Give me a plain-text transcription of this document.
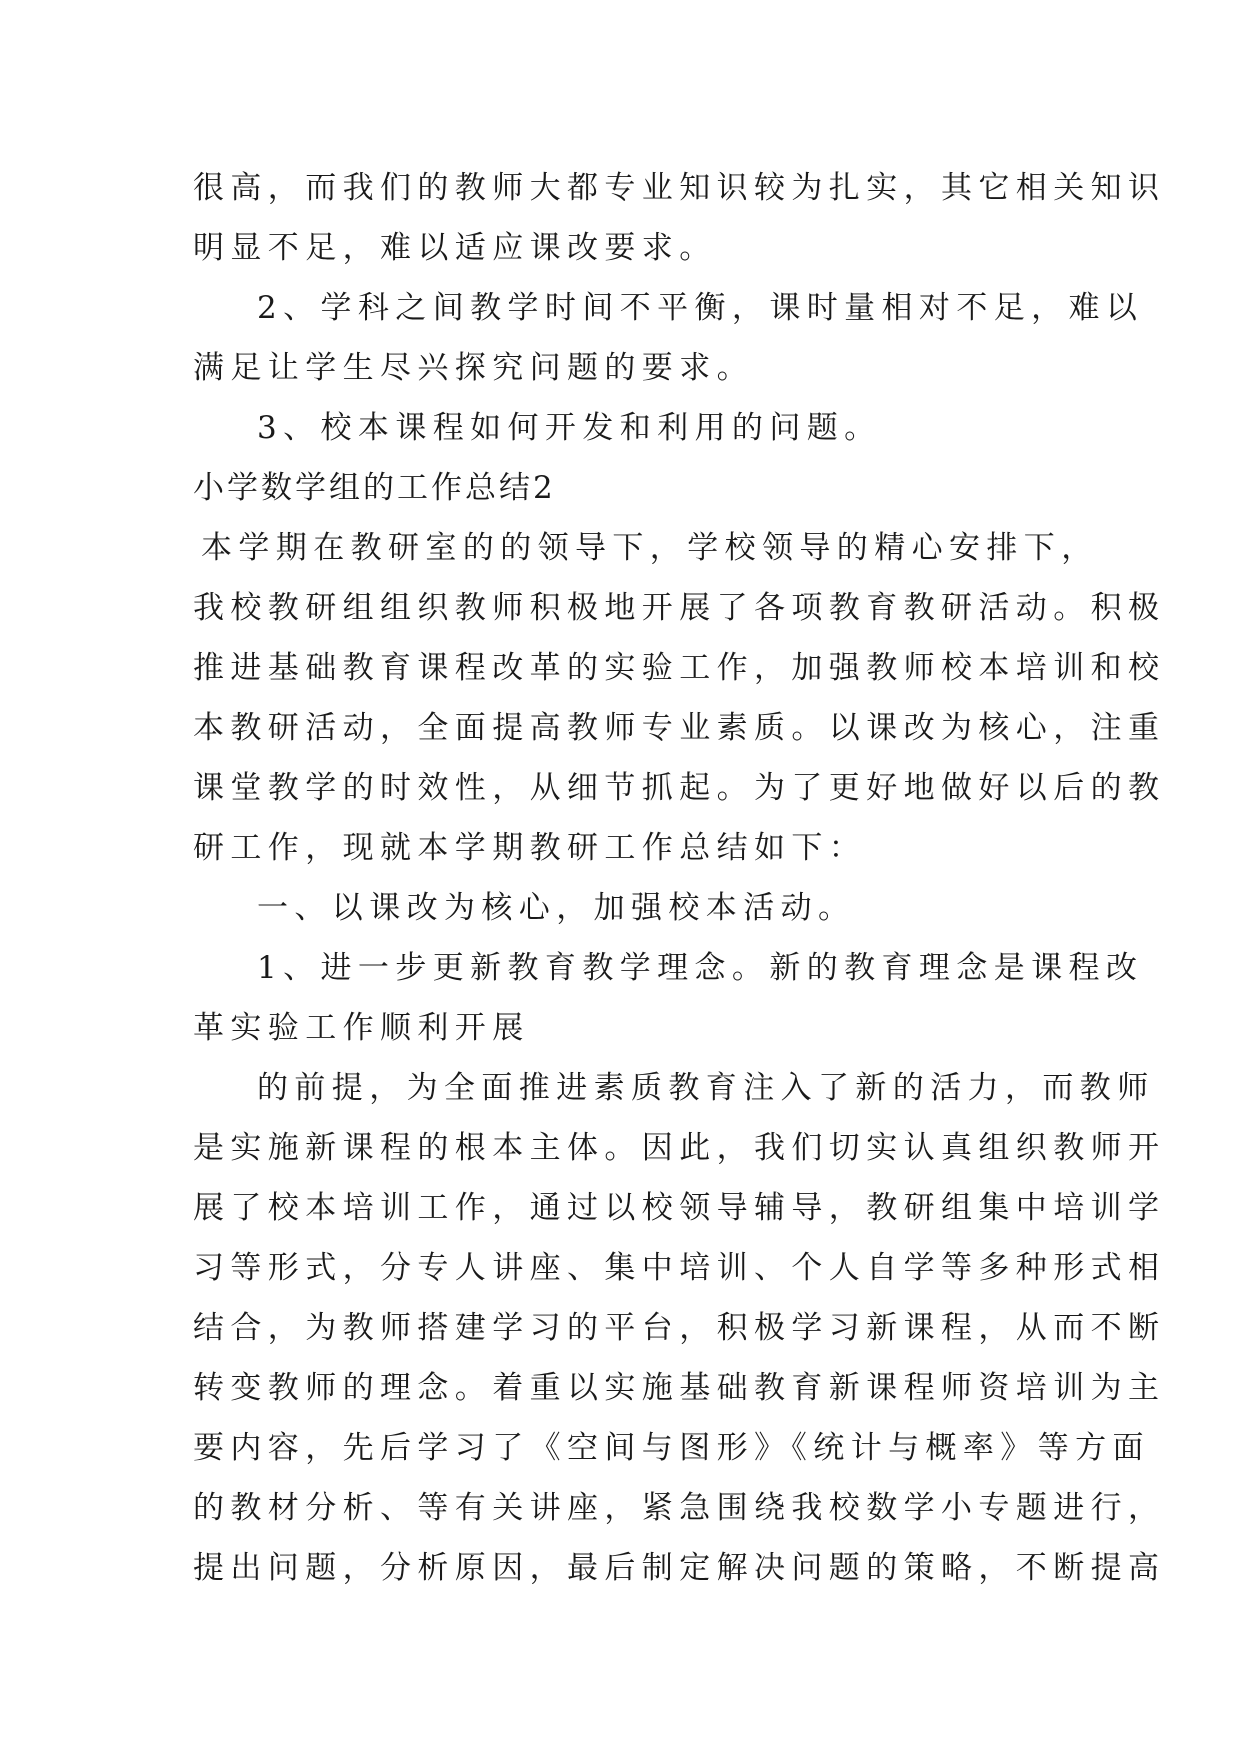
很高，而我们的教师大都专业知识较为扎实，其它相关知识
明显不足，难以适应课改要求。
2、学科之间教学时间不平衡，课时量相对不足，难以
满足让学生尽兴探究问题的要求。
3、校本课程如何开发和利用的问题。
小学数学组的工作总结2
本学期在教研室的的领导下，学校领导的精心安排下，
我校教研组组织教师积极地开展了各项教育教研活动。积极
推进基础教育课程改革的实验工作，加强教师校本培训和校
本教研活动，全面提高教师专业素质。以课改为核心，注重
课堂教学的时效性，从细节抓起。为了更好地做好以后的教
研工作，现就本学期教研工作总结如下：
一、以课改为核心，加强校本活动。
1、进一步更新教育教学理念。新的教育理念是课程改
革实验工作顺利开展
的前提，为全面推进素质教育注入了新的活力，而教师
是实施新课程的根本主体。因此，我们切实认真组织教师开
展了校本培训工作，通过以校领导辅导，教研组集中培训学
习等形式，分专人讲座、集中培训、个人自学等多种形式相
结合，为教师搭建学习的平台，积极学习新课程，从而不断
转变教师的理念。着重以实施基础教育新课程师资培训为主
要内容，先后学习了《空间与图形》《统计与概率》等方面
的教材分析、等有关讲座，紧急围绕我校数学小专题进行，
提出问题，分析原因，最后制定解决问题的策略，不断提高
